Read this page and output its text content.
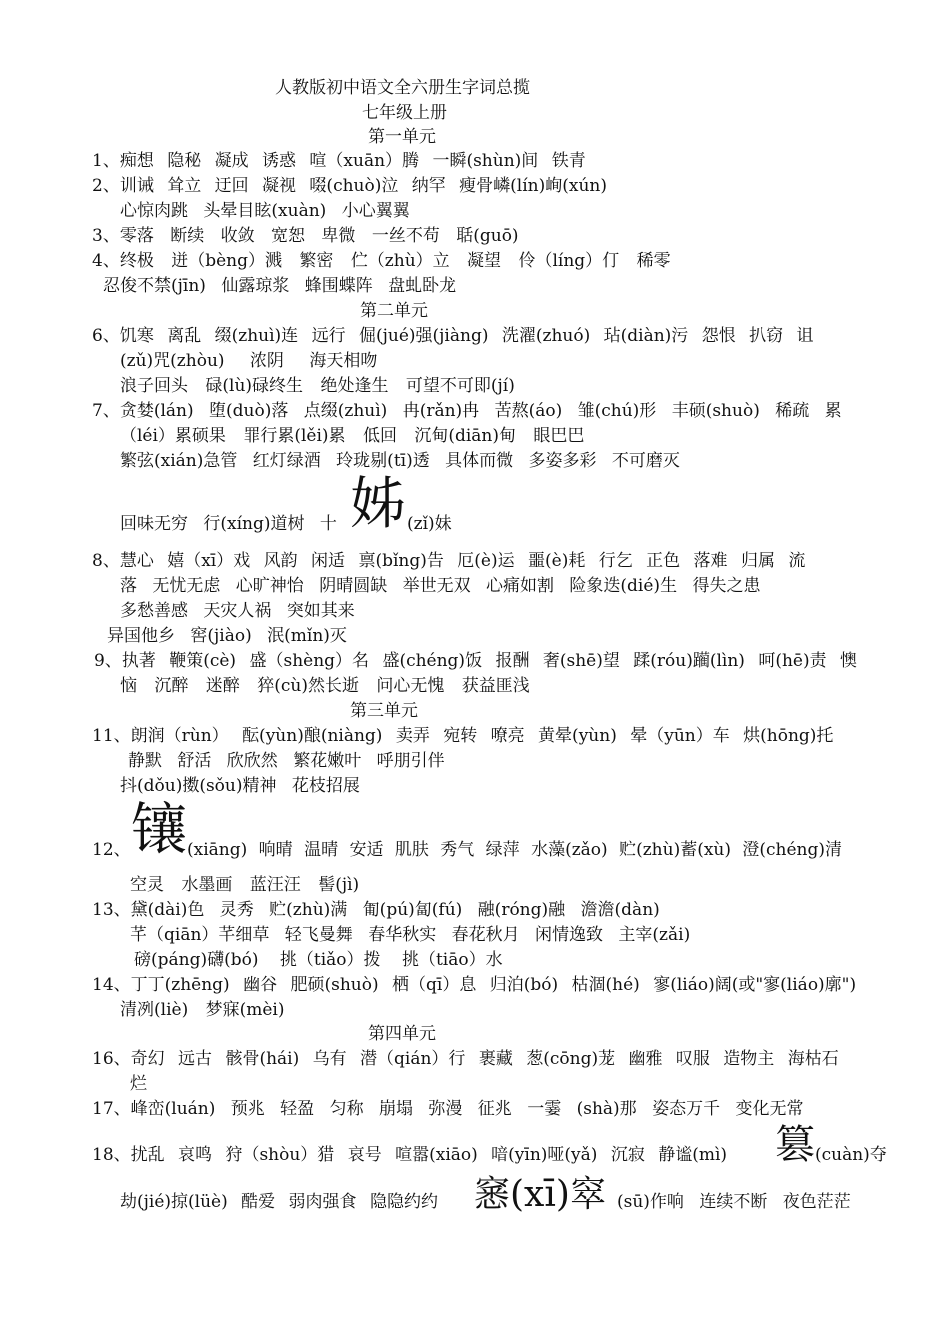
人教版初中语文全六册生字词总揽
七年级上册
第一单元
1、痴想 隐秘 凝成 诱惑 喧（xuān）腾 一瞬(shùn)间 铁青
2、训诫 耸立 迂回 凝视 啜(chuò)泣 纳罕 瘦骨嶙(lín)峋(xún)
心惊肉跳 头晕目眩(xuàn) 小心翼翼
3、零落 断续 收敛 宽恕 卑微 一丝不苟 聒(guō)
4、终极 迸（bèng）溅 繁密 伫（zhù）立 凝望 伶（líng）仃 稀零
忍俊不禁(jīn) 仙露琼浆 蜂围蝶阵 盘虬卧龙
第二单元
6、饥寒 离乱 缀(zhuì)连 远行 倔(jué)强(jiàng) 洗濯(zhuó) 玷(diàn)污 怨恨 扒窃 诅
(zǔ)咒(zhòu) 浓阴 海天相吻
浪子回头 碌(lù)碌终生 绝处逢生 可望不可即(jí)
7、贪婪(lán) 堕(duò)落 点缀(zhuì) 冉(rǎn)冉 苦熬(áo) 雏(chú)形 丰硕(shuò) 稀疏 累
（léi）累硕果 罪行累(lěi)累 低回 沉甸(diān)甸 眼巴巴
繁弦(xián)急管 红灯绿酒 玲珑剔(tī)透 具体而微 多姿多彩 不可磨灭
回味无穷 行(xíng)道树 十 姊 (zǐ)妹
8、慧心 嬉（xī）戏 风韵 闲适 禀(bǐng)告 厄(è)运 噩(è)耗 行乞 正色 落难 归属 流
落 无忧无虑 心旷神怡 阴晴圆缺 举世无双 心痛如割 险象迭(dié)生 得失之患
多愁善感 天灾人祸 突如其来
异国他乡 窖(jiào) 泯(mǐn)灭
9、执著 鞭策(cè) 盛（shèng）名 盛(chéng)饭 报酬 奢(shē)望 蹂(róu)躏(lìn) 呵(hē)责 懊
恼 沉醉 迷醉 猝(cù)然长逝 问心无愧 获益匪浅
第三单元
11、朗润（rùn） 酝(yùn)酿(niàng) 卖弄 宛转 嘹亮 黄晕(yùn) 晕（yūn）车 烘(hōng)托
静默 舒活 欣欣然 繁花嫩叶 呼朋引伴
抖(dǒu)擞(sǒu)精神 花枝招展
12、 镶 (xiāng) 响晴 温晴 安适 肌肤 秀气 绿萍 水藻(zǎo) 贮(zhù)蓄(xù) 澄(chéng)清
空灵 水墨画 蓝汪汪 髻(jì)
13、黛(dài)色 灵秀 贮(zhù)满 匍(pú)匐(fú) 融(róng)融 澹澹(dàn)
芊（qiān）芊细草 轻飞曼舞 春华秋实 春花秋月 闲情逸致 主宰(zǎi)
磅(páng)礴(bó) 挑（tiǎo）拨 挑（tiāo）水
14、丁丁(zhēng) 幽谷 肥硕(shuò) 栖（qī）息 归泊(bó) 枯涸(hé) 寥(liáo)阔(或"寥(liáo)廓")
清冽(liè) 梦寐(mèi)
第四单元
16、奇幻 远古 骸骨(hái) 乌有 潜（qián）行 裹藏 葱(cōng)茏 幽雅 叹服 造物主 海枯石
烂
17、峰峦(luán) 预兆 轻盈 匀称 崩塌 弥漫 征兆 一霎 (shà)那 姿态万千 变化无常
18、扰乱 哀鸣 狩（shòu）猎 哀号 喧嚣(xiāo) 喑(yīn)哑(yǎ) 沉寂 静谧(mì) 篡 (cuàn)夺
劫(jié)掠(lüè) 酷爱 弱肉强食 隐隐约约 窸(xī)窣 (sū)作响 连续不断 夜色茫茫
